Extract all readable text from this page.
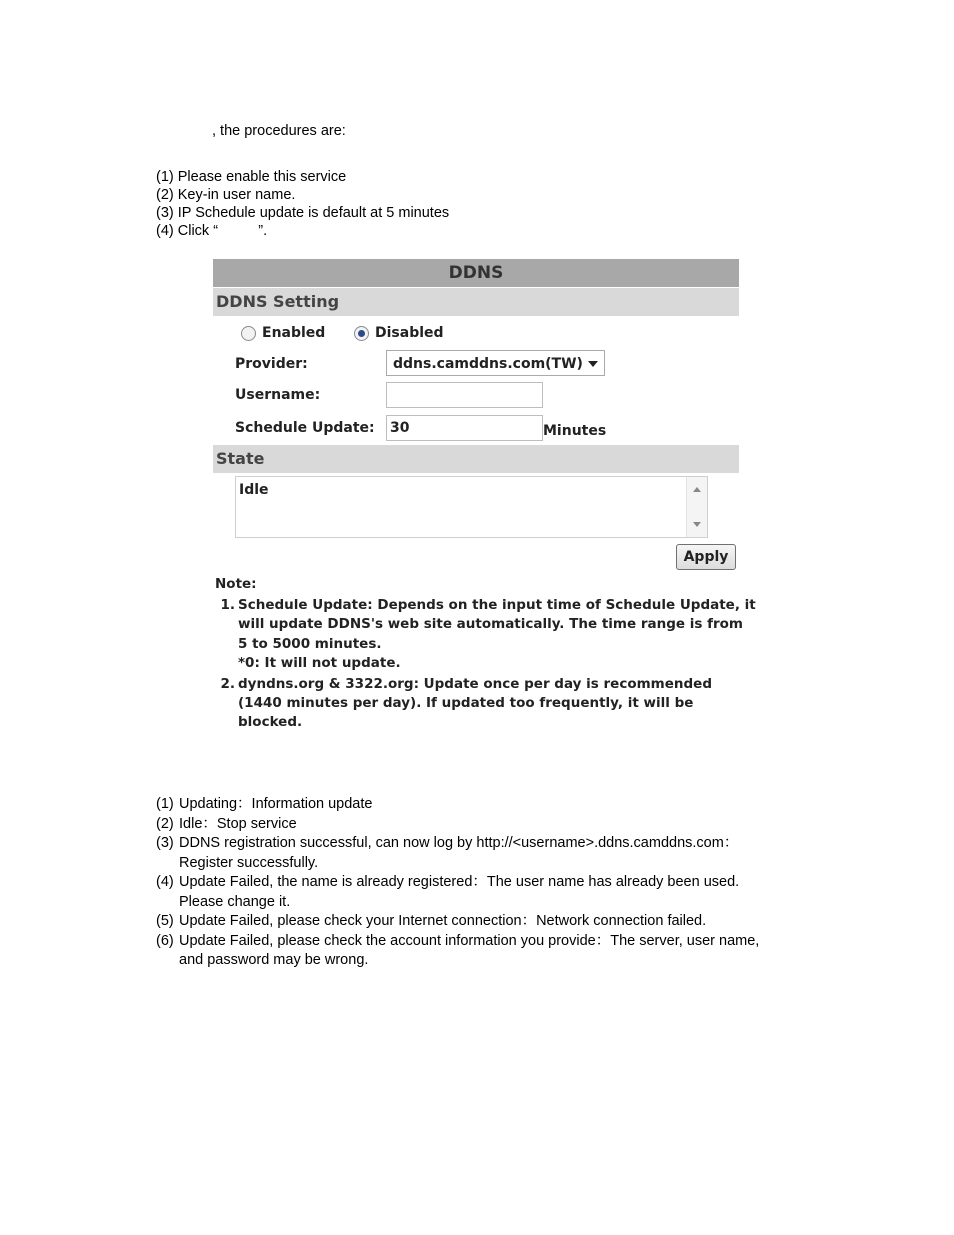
, the procedures are:
(1) Please enable this service
(2) Key-in user name.
(3) IP Schedule update is default at 5 minutes
(4) Click “          ”.
DDNS
DDNS Setting
Enabled	Disabled
Provider:	ddns.camddns.com(TW)
Username:
Schedule Update: 30	Minutes
State
Idle
Apply
Note:
1. Schedule Update: Depends on the input time of Schedule Update, it
will update DDNS's web site automatically. The time range is from
5 to 5000 minutes.
*0: It will not update.
2. dyndns.org & 3322.org: Update once per day is recommended
(1440 minutes per day). If updated too frequently, it will be
blocked.
(1) Updating：Information update
(2) Idle：Stop service
(3) DDNS registration successful, can now log by http://<username>.ddns.camddns.com：
Register successfully.
(4) Update Failed, the name is already registered：The user name has already been used.
Please change it.
(5) Update Failed, please check your Internet connection：Network connection failed.
(6) Update Failed, please check the account information you provide：The server, user name,
and password may be wrong.
